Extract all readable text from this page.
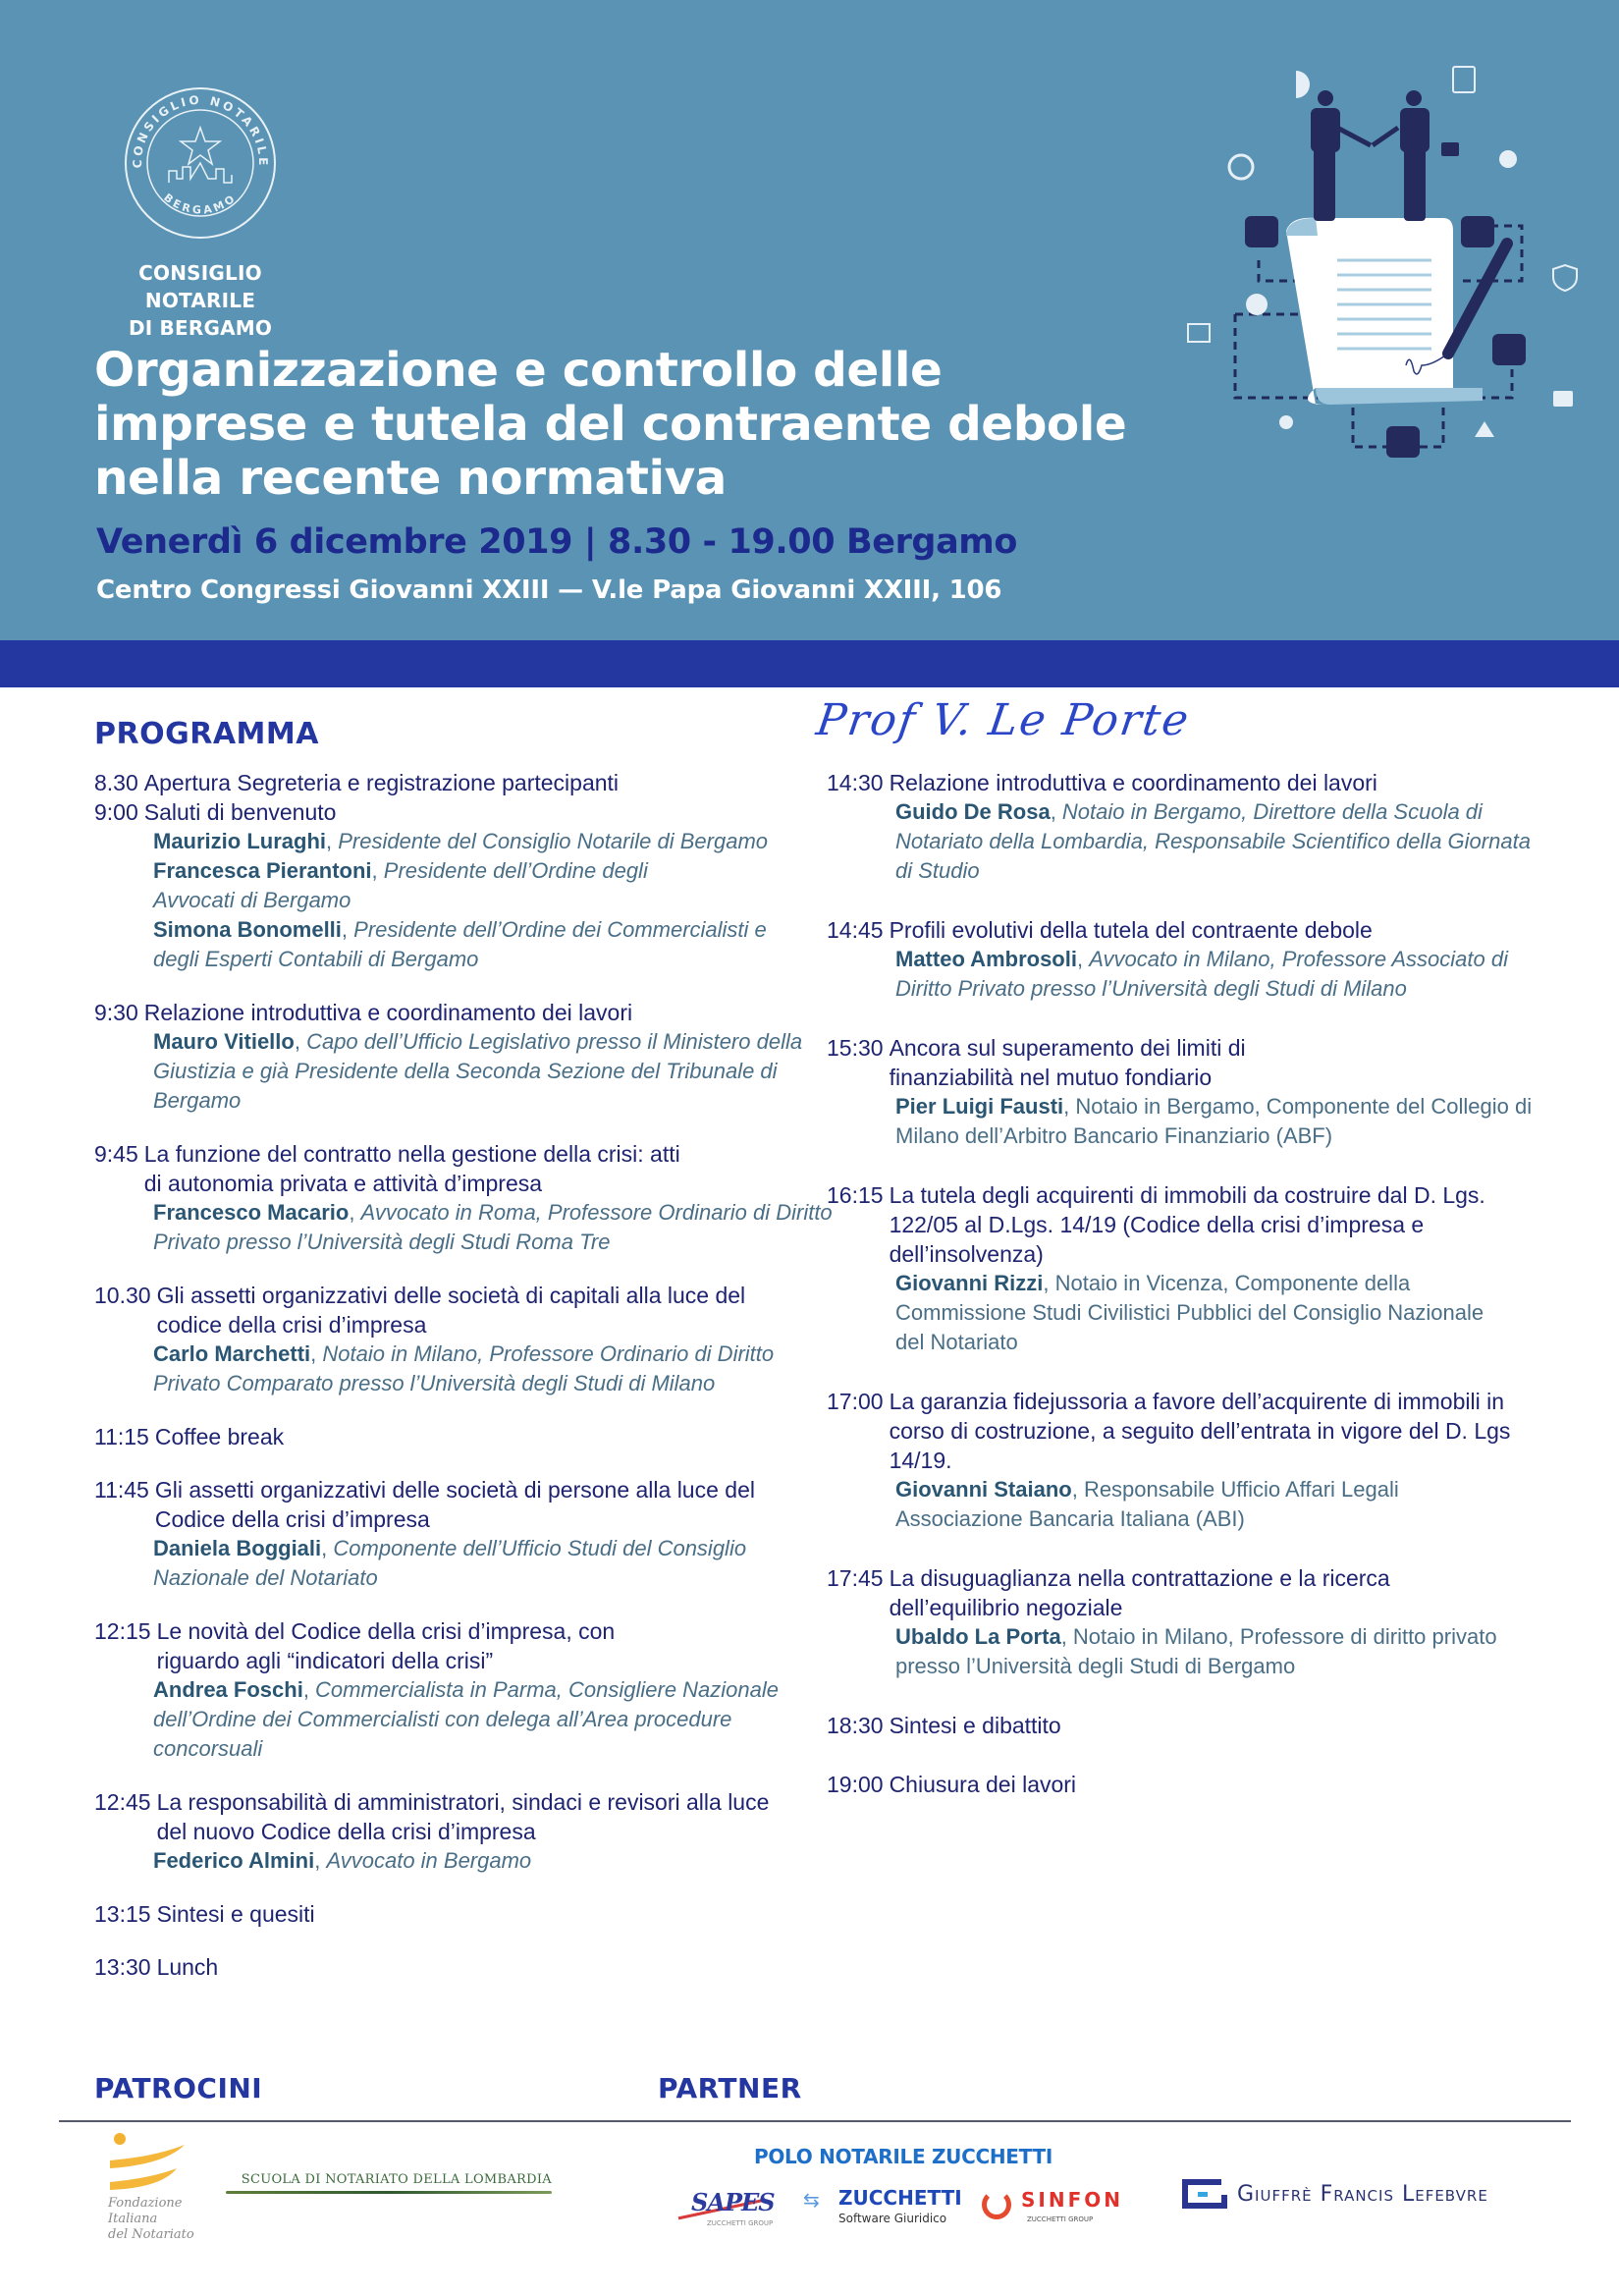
CONSIGLIO NOTARILE
BERGAMO
CONSIGLIO NOTARILE
DI BERGAMO
Organizzazione e controllo delle
imprese e tutela del contraente debole
nella recente normativa
Venerdì 6 dicembre 2019 | 8.30 - 19.00 Bergamo
Centro Congressi Giovanni XXIII — V.le Papa Giovanni XXIII, 106
PROGRAMMA	Prof V. Le Porte
8.30 Apertura Segreteria e registrazione partecipanti
9:00 Saluti di benvenuto
Maurizio Luraghi, Presidente del Consiglio Notarile di Bergamo
Francesca Pierantoni, Presidente dell’Ordine degli Avvocati di Bergamo
Simona Bonomelli, Presidente dell’Ordine dei Commercialisti e degli Esperti Contabili di Bergamo
9:30 Relazione introduttiva e coordinamento dei lavori
Mauro Vitiello, Capo dell’Ufficio Legislativo presso il Ministero della Giustizia e già Presidente della Seconda Sezione del Tribunale di Bergamo
9:45 La funzione del contratto nella gestione della crisi: atti di autonomia privata e attività d’impresa
Francesco Macario, Avvocato in Roma, Professore Ordinario di Diritto Privato presso l’Università degli Studi Roma Tre
10.30 Gli assetti organizzativi delle società di capitali alla luce del codice della crisi d’impresa
Carlo Marchetti, Notaio in Milano, Professore Ordinario di Diritto Privato Comparato presso l’Università degli Studi di Milano
11:15 Coffee break
11:45 Gli assetti organizzativi delle società di persone alla luce del Codice della crisi d’impresa
Daniela Boggiali, Componente dell’Ufficio Studi del Consiglio Nazionale del Notariato
12:15 Le novità del Codice della crisi d’impresa, con riguardo agli “indicatori della crisi”
Andrea Foschi, Commercialista in Parma, Consigliere Nazionale dell’Ordine dei Commercialisti con delega all’Area procedure concorsuali
12:45 La responsabilità di amministratori, sindaci e revisori alla luce del nuovo Codice della crisi d’impresa
Federico Almini, Avvocato in Bergamo
13:15 Sintesi e quesiti
13:30 Lunch
14:30 Relazione introduttiva e coordinamento dei lavori
Guido De Rosa, Notaio in Bergamo, Direttore della Scuola di Notariato della Lombardia, Responsabile Scientifico della Giornata di Studio
14:45 Profili evolutivi della tutela del contraente debole
Matteo Ambrosoli, Avvocato in Milano, Professore Associato di Diritto Privato presso l’Università degli Studi di Milano
15:30 Ancora sul superamento dei limiti di finanziabilità nel mutuo fondiario
Pier Luigi Fausti, Notaio in Bergamo, Componente del Collegio di Milano dell’Arbitro Bancario Finanziario (ABF)
16:15 La tutela degli acquirenti di immobili da costruire dal D. Lgs. 122/05 al D.Lgs. 14/19 (Codice della crisi d’impresa e dell’insolvenza)
Giovanni Rizzi, Notaio in Vicenza, Componente della Commissione Studi Civilistici Pubblici del Consiglio Nazionale del Notariato
17:00 La garanzia fidejussoria a favore dell’acquirente di immobili in corso di costruzione, a seguito dell’entrata in vigore del D. Lgs 14/19.
Giovanni Staiano, Responsabile Ufficio Affari Legali Associazione Bancaria Italiana (ABI)
17:45 La disuguaglianza nella contrattazione e la ricerca dell’equilibrio negoziale
Ubaldo La Porta, Notaio in Milano, Professore di diritto privato presso l’Università degli Studi di Bergamo
18:30 Sintesi e dibattito
19:00 Chiusura dei lavori
PATROCINI	PARTNER
Fondazione
Italiana
del Notariato
SCUOLA DI NOTARIATO DELLA LOMBARDIA
POLO NOTARILE ZUCCHETTI
SAPES
ZUCCHETTI GROUP
⇆ ZUCCHETTI
Software Giuridico
SINFON
ZUCCHETTI GROUP
Giuffrè Francis Lefebvre
